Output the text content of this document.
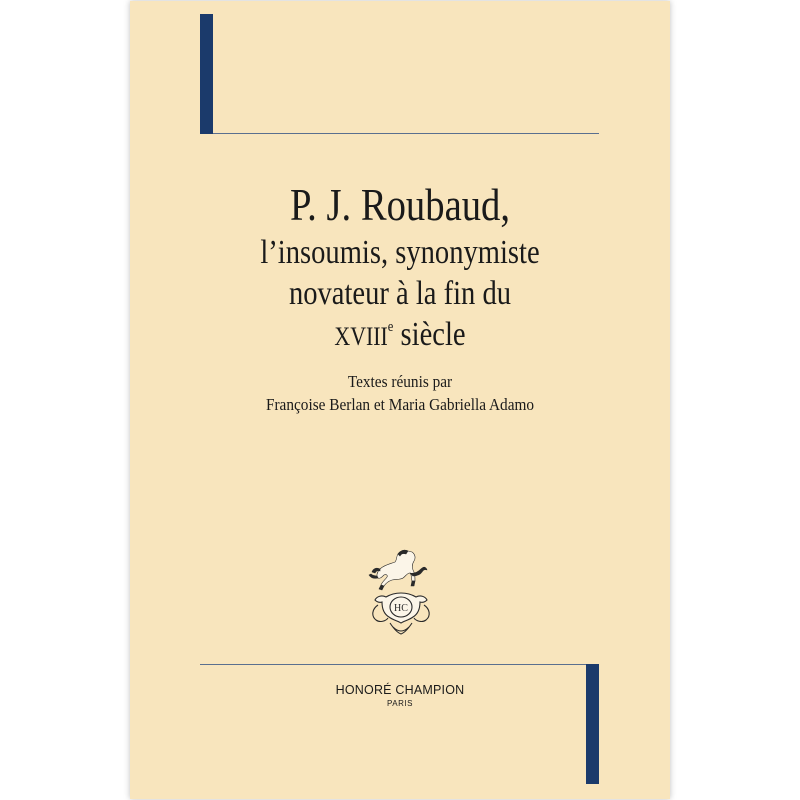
P. J. Roubaud,
l’insoumis, synonymiste
novateur à la fin du
XVIIIe siècle
Textes réunis par
Françoise Berlan et Maria Gabriella Adamo
HC
HONORÉ CHAMPION
PARIS
